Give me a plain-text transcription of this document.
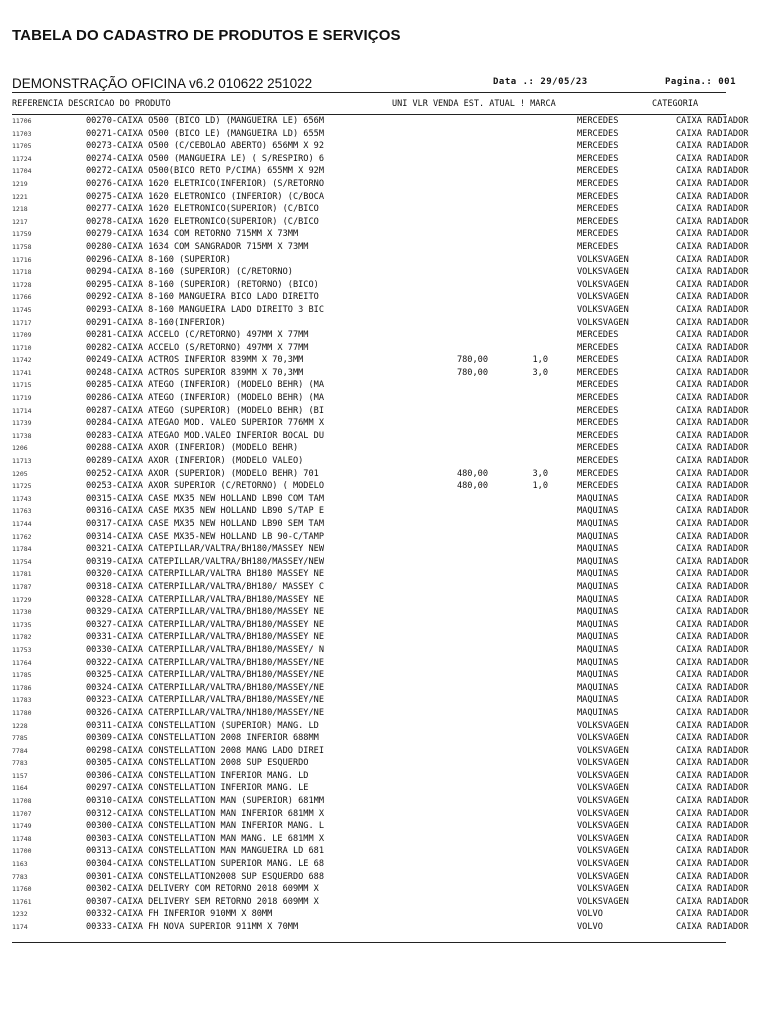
TABELA DO CADASTRO DE PRODUTOS E SERVIÇOS
DEMONSTRAÇÃO OFICINA v6.2 010622 251022	Data .: 29/05/23	Pagina.: 001
REFERENCIA DESCRICAO DO PRODUTO	UNI VLR VENDA EST. ATUAL ! MARCA	CATEGORIA
11706	00270-CAIXA O500 (BICO LD) (MANGUEIRA LE) 656M	MERCEDES	CAIXA RADIADOR
11703	00271-CAIXA O500 (BICO LE) (MANGUEIRA LD) 655M	MERCEDES	CAIXA RADIADOR
11705	00273-CAIXA O500 (C/CEBOLÃO ABERTO) 656MM X 92	MERCEDES	CAIXA RADIADOR
11724	00274-CAIXA O500 (MANGUEIRA LE) ( S/RESPIRO) 6	MERCEDES	CAIXA RADIADOR
11704	00272-CAIXA O500(BICO RETO P/CIMA) 655MM X 92M	MERCEDES	CAIXA RADIADOR
1219	00276-CAIXA 1620 ELETRICO(INFERIOR) (S/RETORNO	MERCEDES	CAIXA RADIADOR
1221	00275-CAIXA 1620 ELETRONICO (INFERIOR) (C/BOCA	MERCEDES	CAIXA RADIADOR
1218	00277-CAIXA 1620 ELETRONICO(SUPERIOR) (C/BICO	MERCEDES	CAIXA RADIADOR
1217	00278-CAIXA 1620 ELETRONICO(SUPERIOR) (C/BICO	MERCEDES	CAIXA RADIADOR
11759	00279-CAIXA 1634 COM RETORNO 715MM X 73MM	MERCEDES	CAIXA RADIADOR
11758	00280-CAIXA 1634 COM SANGRADOR 715MM X 73MM	MERCEDES	CAIXA RADIADOR
11716	00296-CAIXA 8-160 (SUPERIOR)	VOLKSVAGEN	CAIXA RADIADOR
11718	00294-CAIXA 8-160 (SUPERIOR) (C/RETORNO)	VOLKSVAGEN	CAIXA RADIADOR
11728	00295-CAIXA 8-160 (SUPERIOR) (RETORNO) (BICO)	VOLKSVAGEN	CAIXA RADIADOR
11766	00292-CAIXA 8-160 MANGUEIRA BICO LADO DIREITO	VOLKSVAGEN	CAIXA RADIADOR
11745	00293-CAIXA 8-160 MANGUEIRA LADO DIREITO 3 BIC	VOLKSVAGEN	CAIXA RADIADOR
11717	00291-CAIXA 8-160(INFERIOR)	VOLKSVAGEN	CAIXA RADIADOR
11709	00281-CAIXA ACCELO (C/RETORNO) 497MM X 77MM	MERCEDES	CAIXA RADIADOR
11710	00282-CAIXA ACCELO (S/RETORNO) 497MM X 77MM	MERCEDES	CAIXA RADIADOR
11742	00249-CAIXA ACTROS INFERIOR 839MM X 70,3MM	780,00	1,0	MERCEDES	CAIXA RADIADOR
11741	00248-CAIXA ACTROS SUPERIOR 839MM X 70,3MM	780,00	3,0	MERCEDES	CAIXA RADIADOR
11715	00285-CAIXA ATEGO (INFERIOR) (MODELO BEHR) (MA	MERCEDES	CAIXA RADIADOR
11719	00286-CAIXA ATEGO (INFERIOR) (MODELO BEHR) (MA	MERCEDES	CAIXA RADIADOR
11714	00287-CAIXA ATEGO (SUPERIOR) (MODELO BEHR) (BI	MERCEDES	CAIXA RADIADOR
11739	00284-CAIXA ATEGÃO MOD. VALEO SUPERIOR 776MM X	MERCEDES	CAIXA RADIADOR
11738	00283-CAIXA ATEGÃO MOD.VALEO INFERIOR BOCAL DU	MERCEDES	CAIXA RADIADOR
1206	00288-CAIXA AXOR (INFERIOR) (MODELO BEHR)	MERCEDES	CAIXA RADIADOR
11713	00289-CAIXA AXOR (INFERIOR) (MODELO VALEO)	MERCEDES	CAIXA RADIADOR
1205	00252-CAIXA AXOR (SUPERIOR) (MODELO BEHR) 701	480,00	3,0	MERCEDES	CAIXA RADIADOR
11725	00253-CAIXA AXOR SUPERIOR (C/RETORNO) ( MODELO	480,00	1,0	MERCEDES	CAIXA RADIADOR
11743	00315-CAIXA CASE MX35 NEW HOLLAND LB90 COM TAM	MAQUINAS	CAIXA RADIADOR
11763	00316-CAIXA CASE MX35 NEW HOLLAND LB90 S/TAP E	MAQUINAS	CAIXA RADIADOR
11744	00317-CAIXA CASE MX35 NEW HOLLAND LB90 SEM TAM	MAQUINAS	CAIXA RADIADOR
11762	00314-CAIXA CASE MX35-NEW HOLLAND LB 90-C/TAMP	MAQUINAS	CAIXA RADIADOR
11784	00321-CAIXA CATEPILLAR/VALTRA/BH180/MASSEY NEW	MAQUINAS	CAIXA RADIADOR
11754	00319-CAIXA CATEPILLAR/VALTRA/BH180/MASSEY/NEW	MAQUINAS	CAIXA RADIADOR
11781	00320-CAIXA CATERPILLAR/VALTRA BH180 MASSEY NE	MAQUINAS	CAIXA RADIADOR
11787	00318-CAIXA CATERPILLAR/VALTRA/BH180/ MASSEY C	MAQUINAS	CAIXA RADIADOR
11729	00328-CAIXA CATERPILLAR/VALTRA/BH180/MASSEY NE	MAQUINAS	CAIXA RADIADOR
11730	00329-CAIXA CATERPILLAR/VALTRA/BH180/MASSEY NE	MAQUINAS	CAIXA RADIADOR
11735	00327-CAIXA CATERPILLAR/VALTRA/BH180/MASSEY NE	MAQUINAS	CAIXA RADIADOR
11782	00331-CAIXA CATERPILLAR/VALTRA/BH180/MASSEY NE	MAQUINAS	CAIXA RADIADOR
11753	00330-CAIXA CATERPILLAR/VALTRA/BH180/MASSEY/ N	MAQUINAS	CAIXA RADIADOR
11764	00322-CAIXA CATERPILLAR/VALTRA/BH180/MASSEY/NE	MAQUINAS	CAIXA RADIADOR
11785	00325-CAIXA CATERPILLAR/VALTRA/BH180/MASSEY/NE	MAQUINAS	CAIXA RADIADOR
11786	00324-CAIXA CATERPILLAR/VALTRA/BH180/MASSEY/NE	MAQUINAS	CAIXA RADIADOR
11783	00323-CAIXA CATERPILLAR/VALTRA/BH180/MASSEY/NE	MAQUINAS	CAIXA RADIADOR
11780	00326-CAIXA CATERPILLAR/VALTRA/NH180/MASSEY/NE	MAQUINAS	CAIXA RADIADOR
1228	00311-CAIXA CONSTELLATION (SUPERIOR) MANG. LD	VOLKSVAGEN	CAIXA RADIADOR
7785	00309-CAIXA CONSTELLATION 2008 INFERIOR 688MM	VOLKSVAGEN	CAIXA RADIADOR
7784	00298-CAIXA CONSTELLATION 2008 MANG LADO DIREI	VOLKSVAGEN	CAIXA RADIADOR
7783	00305-CAIXA CONSTELLATION 2008 SUP ESQUERDO	VOLKSVAGEN	CAIXA RADIADOR
1157	00306-CAIXA CONSTELLATION INFERIOR MANG. LD	VOLKSVAGEN	CAIXA RADIADOR
1164	00297-CAIXA CONSTELLATION INFERIOR MANG. LE	VOLKSVAGEN	CAIXA RADIADOR
11708	00310-CAIXA CONSTELLATION MAN (SUPERIOR) 681MM	VOLKSVAGEN	CAIXA RADIADOR
11707	00312-CAIXA CONSTELLATION MAN INFERIOR 681MM X	VOLKSVAGEN	CAIXA RADIADOR
11749	00300-CAIXA CONSTELLATION MAN INFERIOR MANG. L	VOLKSVAGEN	CAIXA RADIADOR
11748	00303-CAIXA CONSTELLATION MAN MANG. LE 681MM X	VOLKSVAGEN	CAIXA RADIADOR
11700	00313-CAIXA CONSTELLATION MAN MANGUEIRA LD 681	VOLKSVAGEN	CAIXA RADIADOR
1163	00304-CAIXA CONSTELLATION SUPERIOR MANG. LE 68	VOLKSVAGEN	CAIXA RADIADOR
7783	00301-CAIXA CONSTELLATION2008 SUP ESQUERDO 688	VOLKSVAGEN	CAIXA RADIADOR
11760	00302-CAIXA DELIVERY COM RETORNO 2018 609MM X	VOLKSVAGEN	CAIXA RADIADOR
11761	00307-CAIXA DELIVERY SEM RETORNO 2018 609MM X	VOLKSVAGEN	CAIXA RADIADOR
1232	00332-CAIXA FH INFERIOR 910MM X 80MM	VOLVO	CAIXA RADIADOR
1174	00333-CAIXA FH NOVA SUPERIOR 911MM X 70MM	VOLVO	CAIXA RADIADOR
